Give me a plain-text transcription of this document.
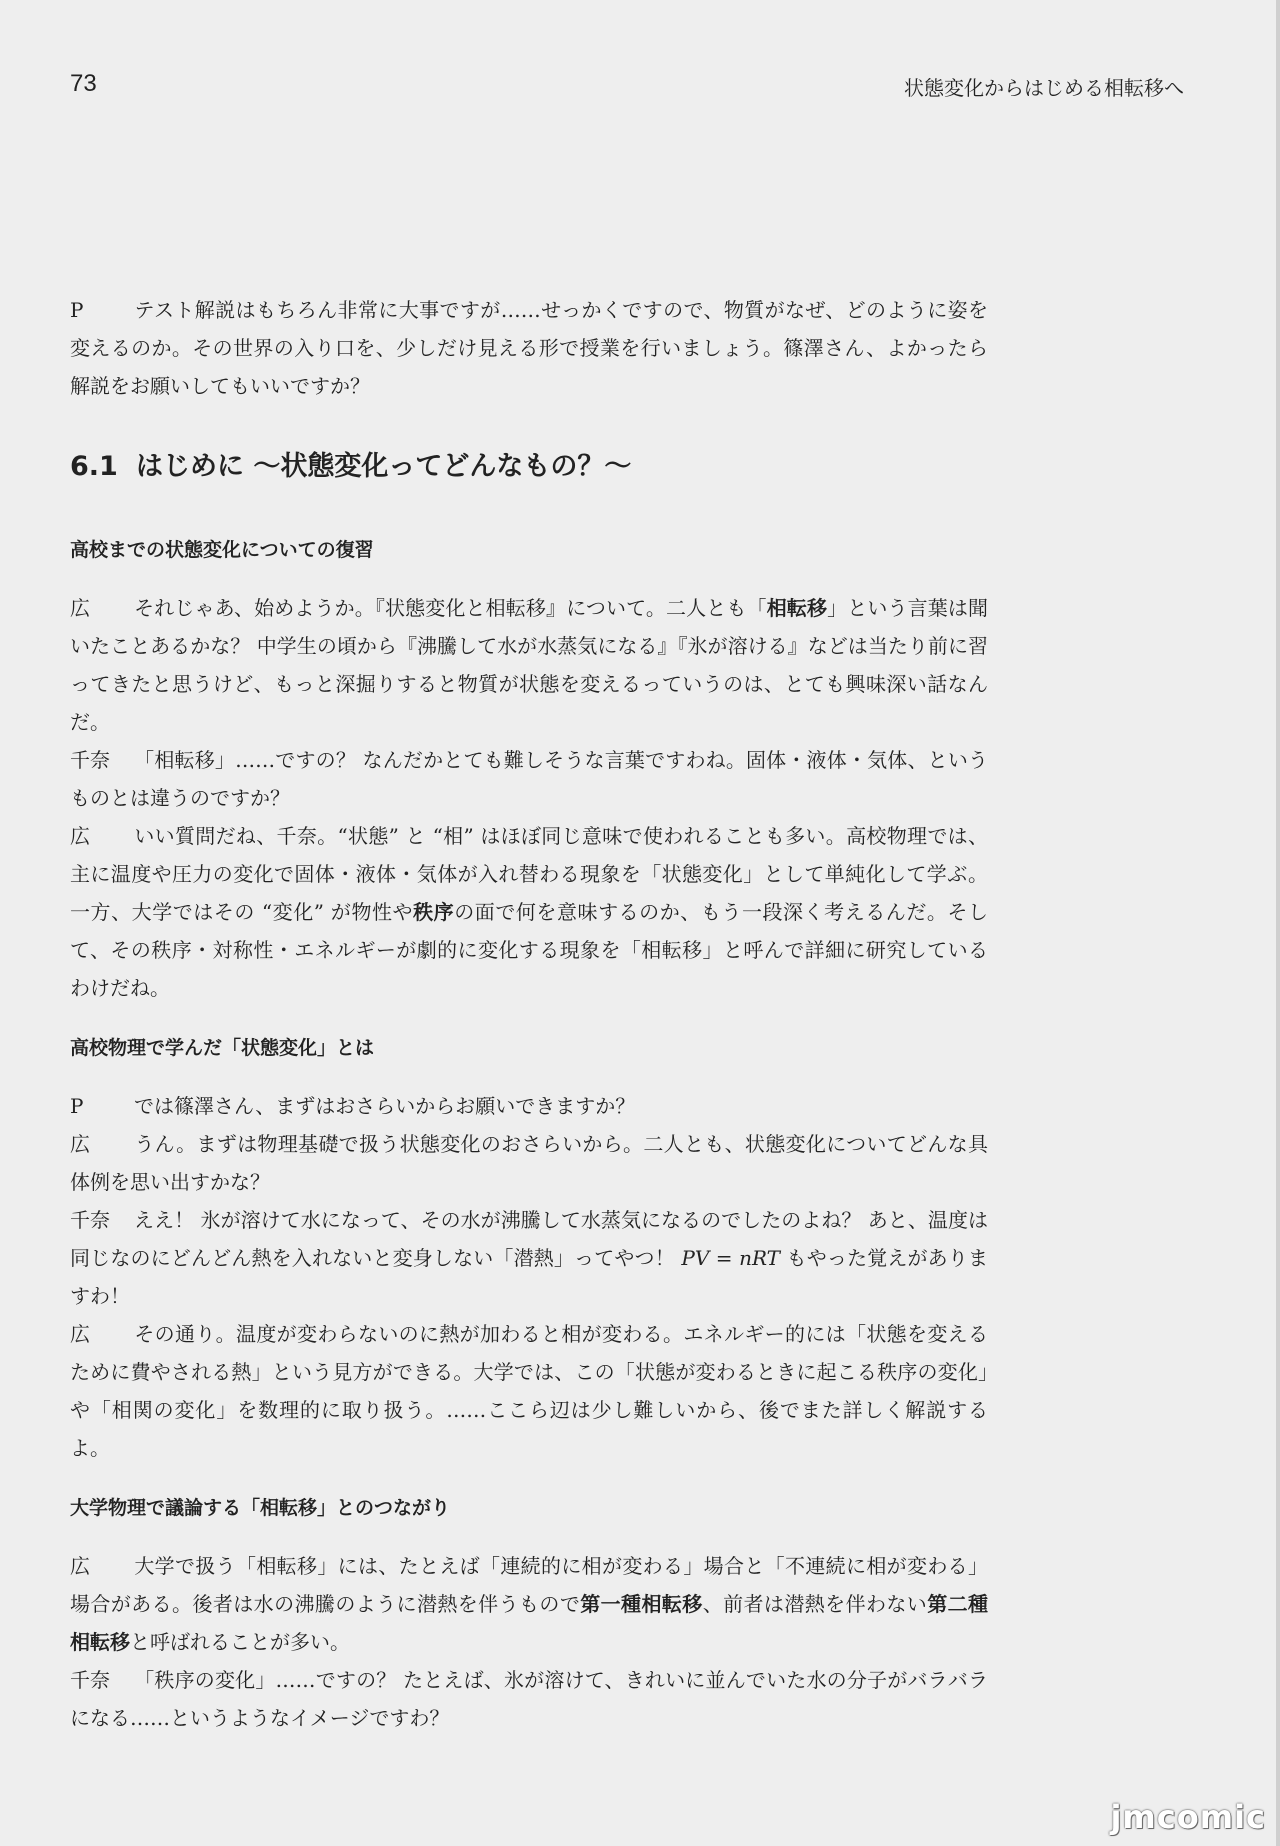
73	状態変化からはじめる相転移へ

P	テスト解説はもちろん非常に大事ですが……せっかくですので、物質がなぜ、どのように姿を変えるのか。その世界の入り口を、少しだけ見える形で授業を行いましょう。篠澤さん、よかったら解説をお願いしてもいいですか？

6.1 はじめに ～状態変化ってどんなもの？～
高校までの状態変化についての復習

広 それじゃあ、始めようか。『状態変化と相転移』について。二人とも「相転移」という言葉は聞いたことあるかな？ 中学生の頃から『沸騰して水が水蒸気になる』『氷が溶ける』などは当たり前に習ってきたと思うけど、もっと深掘りすると物質が状態を変えるっていうのは、とても興味深い話なんだ。

千奈 「相転移」……ですの？ なんだかとても難しそうな言葉ですわね。固体・液体・気体、というものとは違うのですか？

広 いい質問だね、千奈。“状態” と “相” はほぼ同じ意味で使われることも多い。高校物理では、主に温度や圧力の変化で固体・液体・気体が入れ替わる現象を「状態変化」として単純化して学ぶ。一方、大学ではその “変化” が物性や秩序の面で何を意味するのか、もう一段深く考えるんだ。そして、その秩序・対称性・エネルギーが劇的に変化する現象を「相転移」と呼んで詳細に研究しているわけだね。

高校物理で学んだ「状態変化」とは

P	では篠澤さん、まずはおさらいからお願いできますか？

広 うん。まずは物理基礎で扱う状態変化のおさらいから。二人とも、状態変化についてどんな具体例を思い出すかな？

千奈 ええ！ 氷が溶けて水になって、その水が沸騰して水蒸気になるのでしたのよね？ あと、温度は同じなのにどんどん熱を入れないと変身しない「潜熱」ってやつ！ PV = nRT もやった覚えがありますわ！

広 その通り。温度が変わらないのに熱が加わると相が変わる。エネルギー的には「状態を変えるために費やされる熱」という見方ができる。大学では、この「状態が変わるときに起こる秩序の変化」や「相関の変化」を数理的に取り扱う。……ここら辺は少し難しいから、後でまた詳しく解説するよ。

大学物理で議論する「相転移」とのつながり

広 大学で扱う「相転移」には、たとえば「連続的に相が変わる」場合と「不連続に相が変わる」場合がある。後者は水の沸騰のように潜熱を伴うもので第一種相転移、前者は潜熱を伴わない第二種相転移と呼ばれることが多い。

千奈 「秩序の変化」……ですの？ たとえば、氷が溶けて、きれいに並んでいた水の分子がバラバラになる……というようなイメージですわ？

jmcomic
